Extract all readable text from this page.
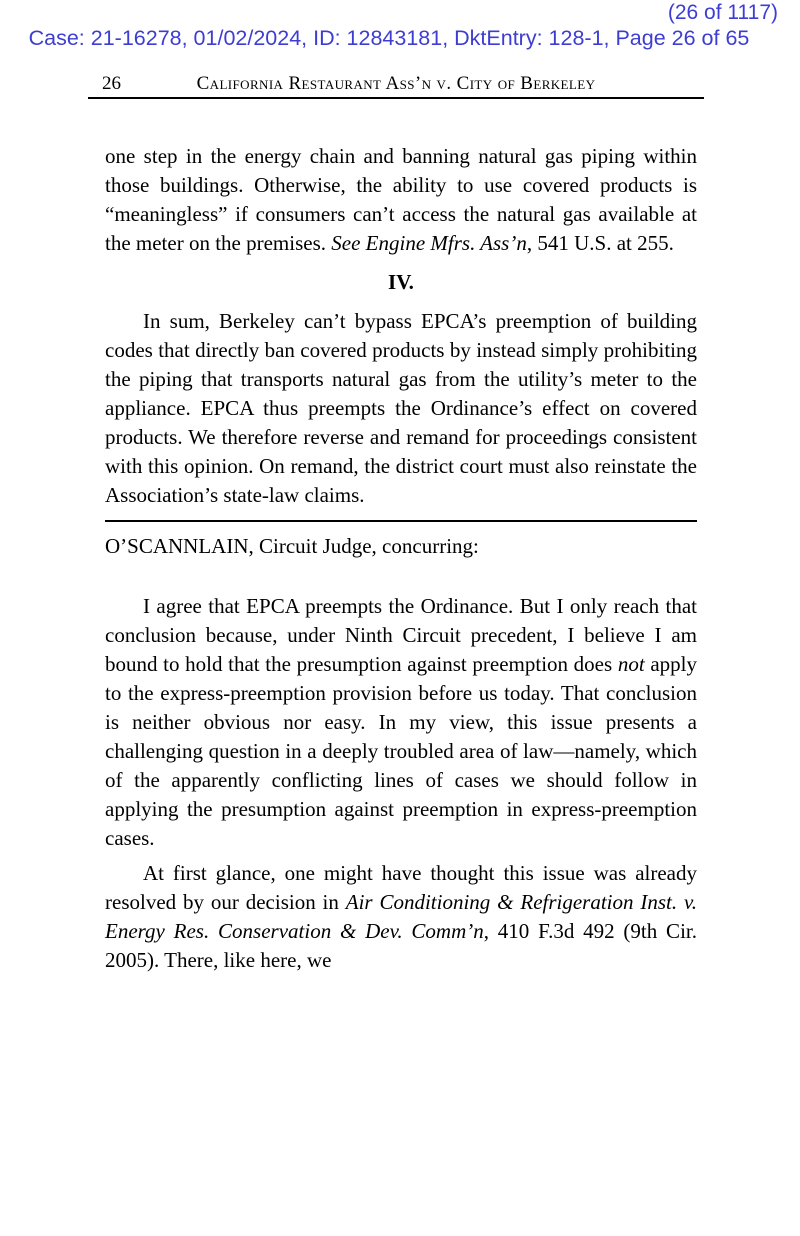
(26 of 1117)
Case: 21-16278, 01/02/2024, ID: 12843181, DktEntry: 128-1, Page 26 of 65
26	California Restaurant Ass’n v. City of Berkeley
one step in the energy chain and banning natural gas piping within those buildings. Otherwise, the ability to use covered products is “meaningless” if consumers can’t access the natural gas available at the meter on the premises. See Engine Mfrs. Ass’n, 541 U.S. at 255.
IV.
In sum, Berkeley can’t bypass EPCA’s preemption of building codes that directly ban covered products by instead simply prohibiting the piping that transports natural gas from the utility’s meter to the appliance. EPCA thus preempts the Ordinance’s effect on covered products. We therefore reverse and remand for proceedings consistent with this opinion. On remand, the district court must also reinstate the Association’s state-law claims.
O’SCANNLAIN, Circuit Judge, concurring:
I agree that EPCA preempts the Ordinance. But I only reach that conclusion because, under Ninth Circuit precedent, I believe I am bound to hold that the presumption against preemption does not apply to the express-preemption provision before us today. That conclusion is neither obvious nor easy. In my view, this issue presents a challenging question in a deeply troubled area of law—namely, which of the apparently conflicting lines of cases we should follow in applying the presumption against preemption in express-preemption cases.
At first glance, one might have thought this issue was already resolved by our decision in Air Conditioning & Refrigeration Inst. v. Energy Res. Conservation & Dev. Comm’n, 410 F.3d 492 (9th Cir. 2005). There, like here, we
